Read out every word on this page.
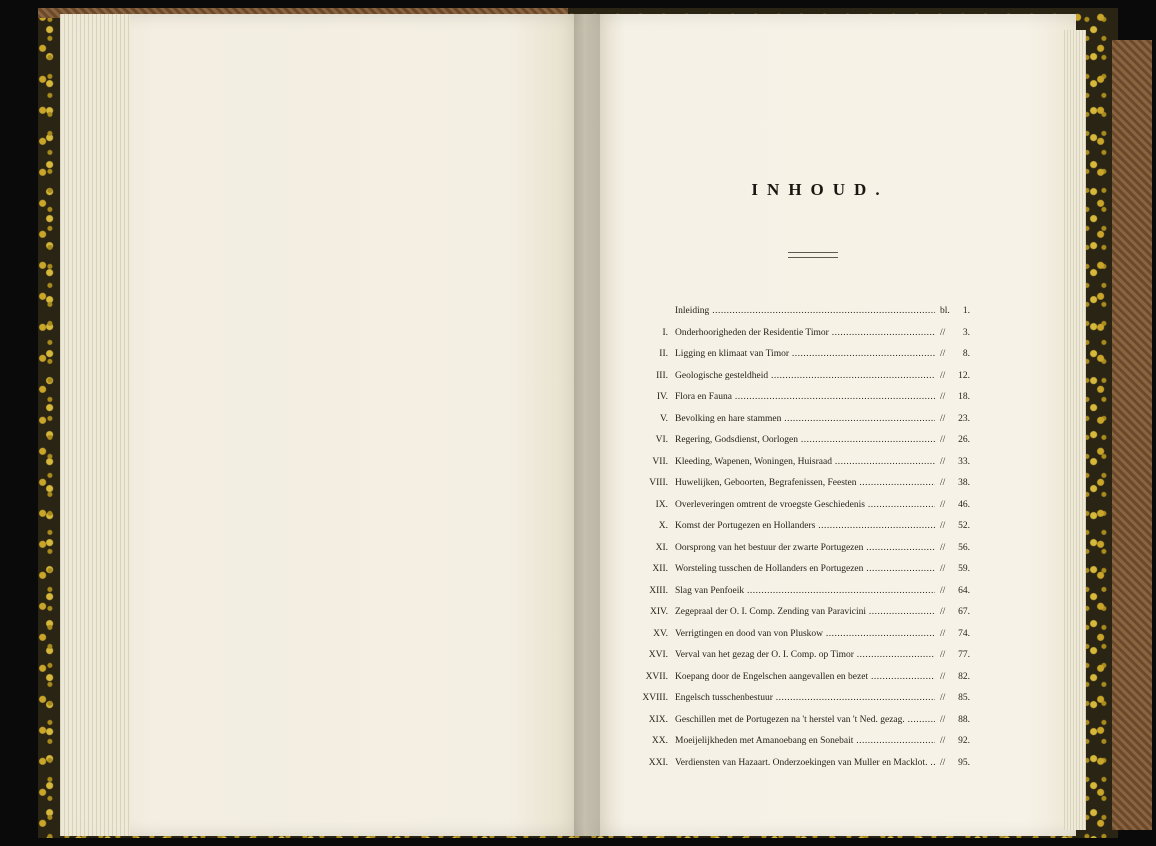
INHOUD.
Inleiding .....	bl.	1.
I. Onderhoorigheden der Residentie Timor .....	//	3.
II. Ligging en klimaat van Timor .....	//	8.
III. Geologische gesteldheid .....	//	12.
IV. Flora en Fauna .....	//	18.
V. Bevolking en hare stammen .....	//	23.
VI. Regering, Godsdienst, Oorlogen .....	//	26.
VII. Kleeding, Wapenen, Woningen, Huisraad .....	//	33.
VIII. Huwelijken, Geboorten, Begrafenissen, Feesten .....	//	38.
IX. Overleveringen omtrent de vroegste Geschiedenis .....	//	46.
X. Komst der Portugezen en Hollanders .....	//	52.
XI. Oorsprong van het bestuur der zwarte Portugezen .....	//	56.
XII. Worsteling tusschen de Hollanders en Portugezen .....	//	59.
XIII. Slag van Penfoeik .....	//	64.
XIV. Zegepraal der O. I. Comp. Zending van Paravicini .....	//	67.
XV. Verrigtingen en dood van von Pluskow .....	//	74.
XVI. Verval van het gezag der O. I. Comp. op Timor .....	//	77.
XVII. Koepang door de Engelschen aangevallen en bezet .....	//	82.
XVIII. Engelsch tusschenbestuur .....	//	85.
XIX. Geschillen met de Portugezen na 't herstel van 't Ned. gezag. .....	//	88.
XX. Moeijelijkheden met Amanoebang en Sonebait .....	//	92.
XXI. Verdiensten van Hazaart. Onderzoekingen van Muller en Macklot. .....	//	95.
